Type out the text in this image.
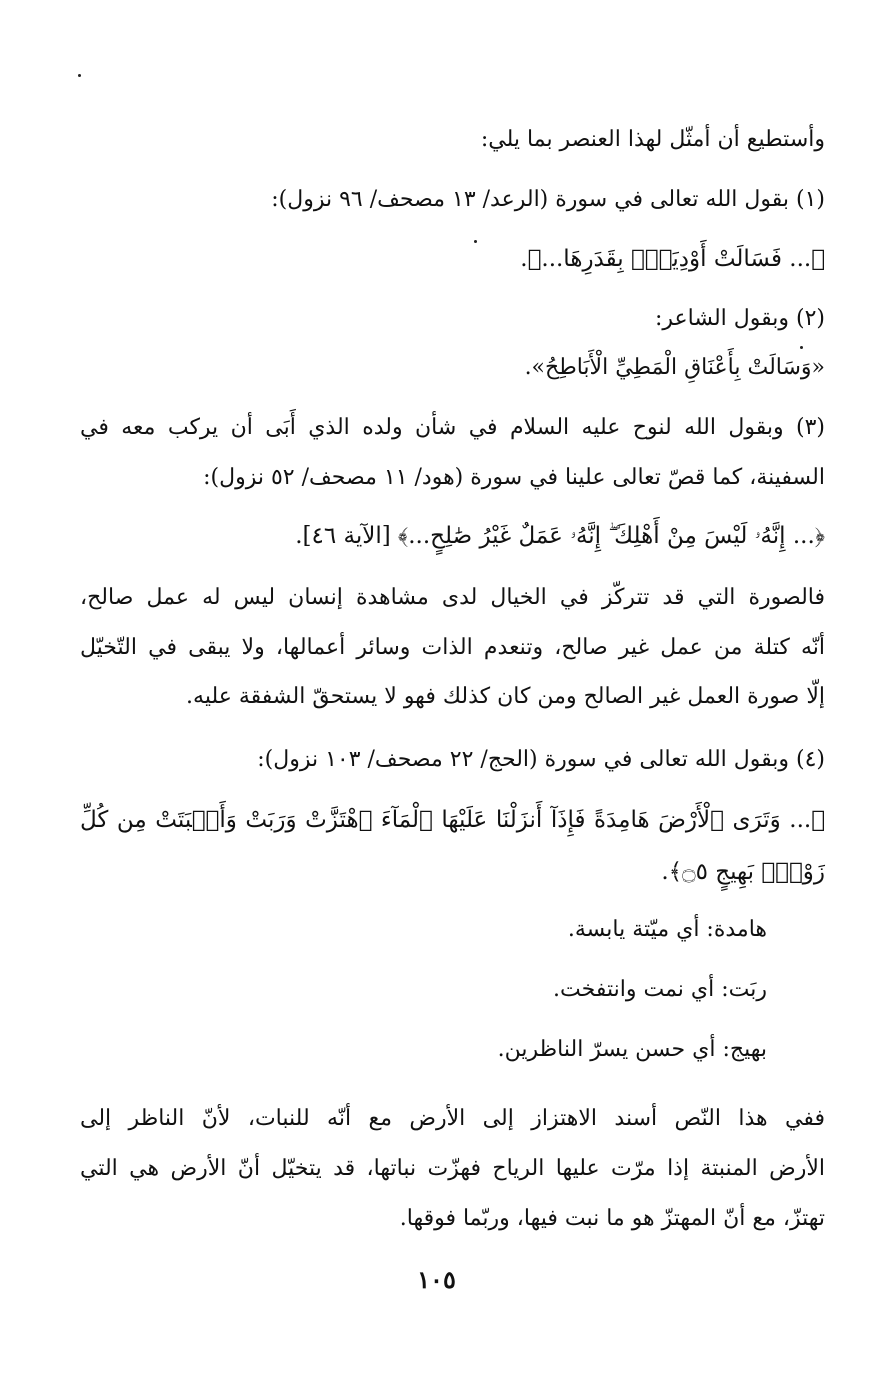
وأستطيع أن أمثّل لهذا العنصر بما يلي:
(١) بقول الله تعالى في سورة (الرعد/ ١٣ مصحف/ ٩٦ نزول):
﴿... فَسَالَتْ أَوْدِيَةٌۢ بِقَدَرِهَا...﴾.
(٢) وبقول الشاعر:
«وَسَالَتْ بِأَعْنَاقِ الْمَطِيِّ الْأَبَاطِحُ».
(٣) وبقول الله لنوح عليه السلام في شأن ولده الذي أَبَى أن يركب معه في
السفينة، كما قصّ تعالى علينا في سورة (هود/ ١١ مصحف/ ٥٢ نزول):
﴿... إِنَّهُۥ لَيْسَ مِنْ أَهْلِكَ ۖ إِنَّهُۥ عَمَلٌ غَيْرُ صَٰلِحٍ...﴾ [الآية ٤٦].
فالصورة التي قد تتركّز في الخيال لدى مشاهدة إنسان ليس له عمل صالح،
أنّه كتلة من عمل غير صالح، وتنعدم الذات وسائر أعمالها، ولا يبقى في التّخيّل
إلّا صورة العمل غير الصالح ومن كان كذلك فهو لا يستحقّ الشفقة عليه.
(٤) وبقول الله تعالى في سورة (الحج/ ٢٢ مصحف/ ١٠٣ نزول):
﴿... وَتَرَى ٱلْأَرْضَ هَامِدَةً فَإِذَآ أَنزَلْنَا عَلَيْهَا ٱلْمَآءَ ٱهْتَزَّتْ وَرَبَتْ وَأَنۢبَتَتْ مِن كُلِّ
زَوْجٍۭ بَهِيجٍ ۝٥﴾.
هامدة: أي ميّتة يابسة.
ربَت: أي نمت وانتفخت.
بهيج: أي حسن يسرّ الناظرين.
ففي هذا النّص أسند الاهتزاز إلى الأرض مع أنّه للنبات، لأنّ الناظر إلى
الأرض المنبتة إذا مرّت عليها الرياح فهزّت نباتها، قد يتخيّل أنّ الأرض هي التي
تهتزّ، مع أنّ المهتزّ هو ما نبت فيها، وربّما فوقها.
١٠٥
